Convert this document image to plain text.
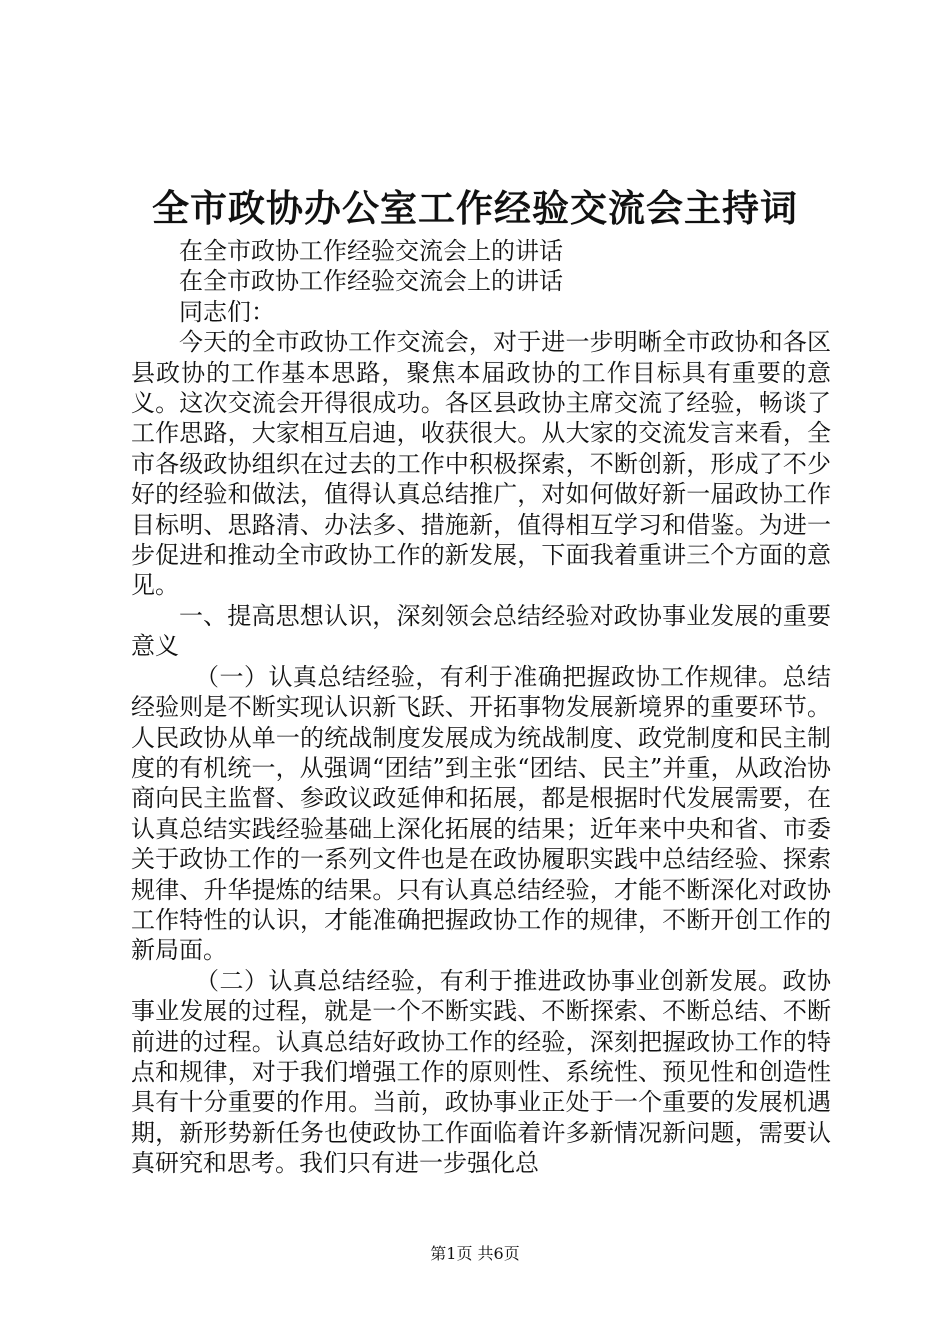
全市政协办公室工作经验交流会主持词

在全市政协工作经验交流会上的讲话

在全市政协工作经验交流会上的讲话

同志们：

今天的全市政协工作交流会，对于进一步明晰全市政协和各区县政协的工作基本思路，聚焦本届政协的工作目标具有重要的意义。这次交流会开得很成功。各区县政协主席交流了经验，畅谈了工作思路，大家相互启迪，收获很大。从大家的交流发言来看，全市各级政协组织在过去的工作中积极探索，不断创新，形成了不少好的经验和做法，值得认真总结推广，对如何做好新一届政协工作目标明、思路清、办法多、措施新，值得相互学习和借鉴。为进一步促进和推动全市政协工作的新发展，下面我着重讲三个方面的意见。

一、提高思想认识，深刻领会总结经验对政协事业发展的重要意义

（一）认真总结经验，有利于准确把握政协工作规律。总结经验则是不断实现认识新飞跃、开拓事物发展新境界的重要环节。人民政协从单一的统战制度发展成为统战制度、政党制度和民主制度的有机统一，从强调“团结”到主张“团结、民主”并重，从政治协商向民主监督、参政议政延伸和拓展，都是根据时代发展需要，在认真总结实践经验基础上深化拓展的结果；近年来中央和省、市委关于政协工作的一系列文件也是在政协履职实践中总结经验、探索规律、升华提炼的结果。只有认真总结经验，才能不断深化对政协工作特性的认识，才能准确把握政协工作的规律，不断开创工作的新局面。

（二）认真总结经验，有利于推进政协事业创新发展。政协事业发展的过程，就是一个不断实践、不断探索、不断总结、不断前进的过程。认真总结好政协工作的经验，深刻把握政协工作的特点和规律，对于我们增强工作的原则性、系统性、预见性和创造性具有十分重要的作用。当前，政协事业正处于一个重要的发展机遇期，新形势新任务也使政协工作面临着许多新情况新问题，需要认真研究和思考。我们只有进一步强化总

第1页 共6页
